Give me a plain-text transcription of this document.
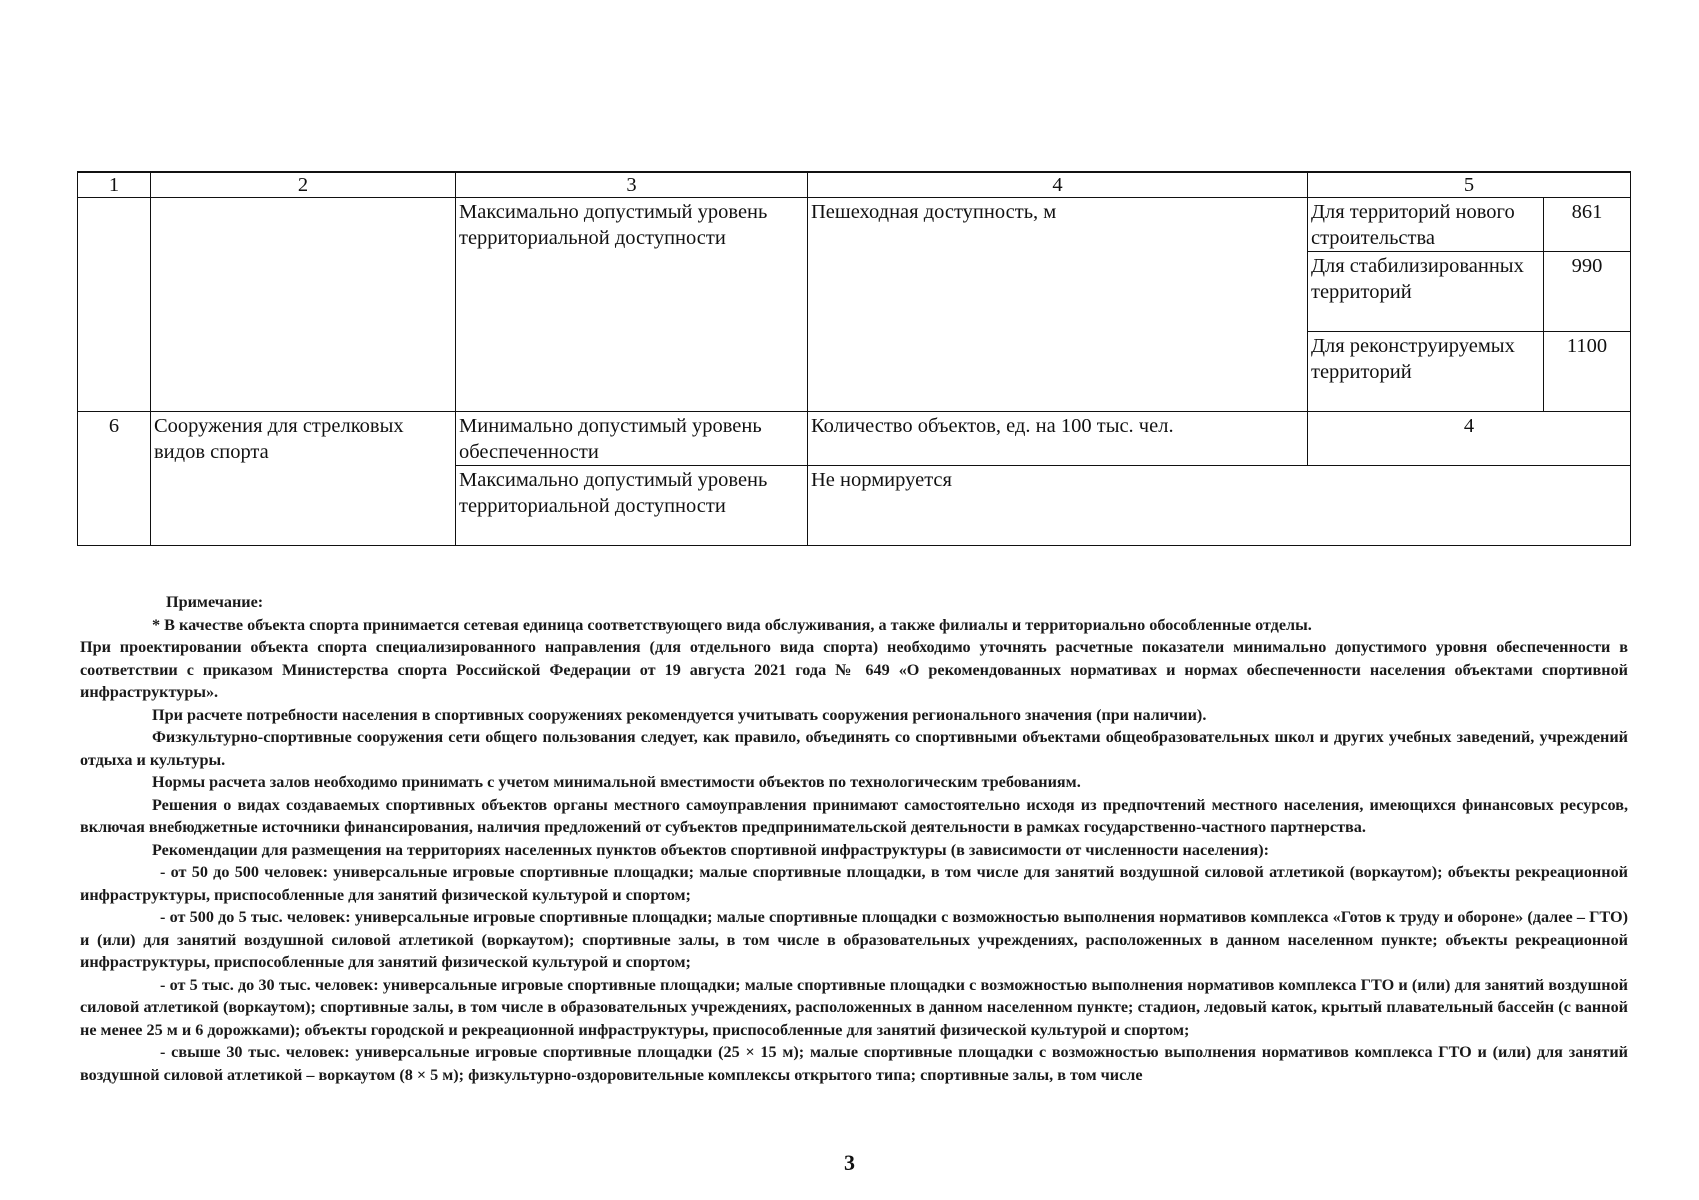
1	2	3	4	5	
		Максимально допустимый уровень территориальной доступности	Пешеходная доступность, м	Для территорий нового строительства	861
				Для стабилизированных территорий	990
				Для реконструируемых территорий	1100
6	Сооружения для стрелковых видов спорта	Минимально допустимый уровень обеспеченности	Количество объектов, ед. на 100 тыс. чел.	4	
		Максимально допустимый уровень территориальной доступности	Не нормируется		

Примечание:

* В качестве объекта спорта принимается сетевая единица соответствующего вида обслуживания, а также филиалы и территориально обособленные отделы.

При проектировании объекта спорта специализированного направления (для отдельного вида спорта) необходимо уточнять расчетные показатели минимально допустимого уровня обеспеченности в соответствии с приказом Министерства спорта Российской Федерации от 19 августа 2021 года № 649 «О рекомендованных нормативах и нормах обеспеченности населения объектами спортивной инфраструктуры».

При расчете потребности населения в спортивных сооружениях рекомендуется учитывать сооружения регионального значения (при наличии).

Физкультурно-спортивные сооружения сети общего пользования следует, как правило, объединять со спортивными объектами общеобразовательных школ и других учебных заведений, учреждений отдыха и культуры.

Нормы расчета залов необходимо принимать с учетом минимальной вместимости объектов по технологическим требованиям.

Решения о видах создаваемых спортивных объектов органы местного самоуправления принимают самостоятельно исходя из предпочтений местного населения, имеющихся финансовых ресурсов, включая внебюджетные источники финансирования, наличия предложений от субъектов предпринимательской деятельности в рамках государственно-частного партнерства.

Рекомендации для размещения на территориях населенных пунктов объектов спортивной инфраструктуры (в зависимости от численности населения):

- от 50 до 500 человек: универсальные игровые спортивные площадки; малые спортивные площадки, в том числе для занятий воздушной силовой атлетикой (воркаутом); объекты рекреационной инфраструктуры, приспособленные для занятий физической культурой и спортом;

- от 500 до 5 тыс. человек: универсальные игровые спортивные площадки; малые спортивные площадки с возможностью выполнения нормативов комплекса «Готов к труду и обороне» (далее – ГТО) и (или) для занятий воздушной силовой атлетикой (воркаутом); спортивные залы, в том числе в образовательных учреждениях, расположенных в данном населенном пункте; объекты рекреационной инфраструктуры, приспособленные для занятий физической культурой и спортом;

- от 5 тыс. до 30 тыс. человек: универсальные игровые спортивные площадки; малые спортивные площадки с возможностью выполнения нормативов комплекса ГТО и (или) для занятий воздушной силовой атлетикой (воркаутом); спортивные залы, в том числе в образовательных учреждениях, расположенных в данном населенном пункте; стадион, ледовый каток, крытый плавательный бассейн (с ванной не менее 25 м и 6 дорожками); объекты городской и рекреационной инфраструктуры, приспособленные для занятий физической культурой и спортом;

- свыше 30 тыс. человек: универсальные игровые спортивные площадки (25 × 15 м); малые спортивные площадки с возможностью выполнения нормативов комплекса ГТО и (или) для занятий воздушной силовой атлетикой – воркаутом (8 × 5 м); физкультурно-оздоровительные комплексы открытого типа; спортивные залы, в том числе

3
